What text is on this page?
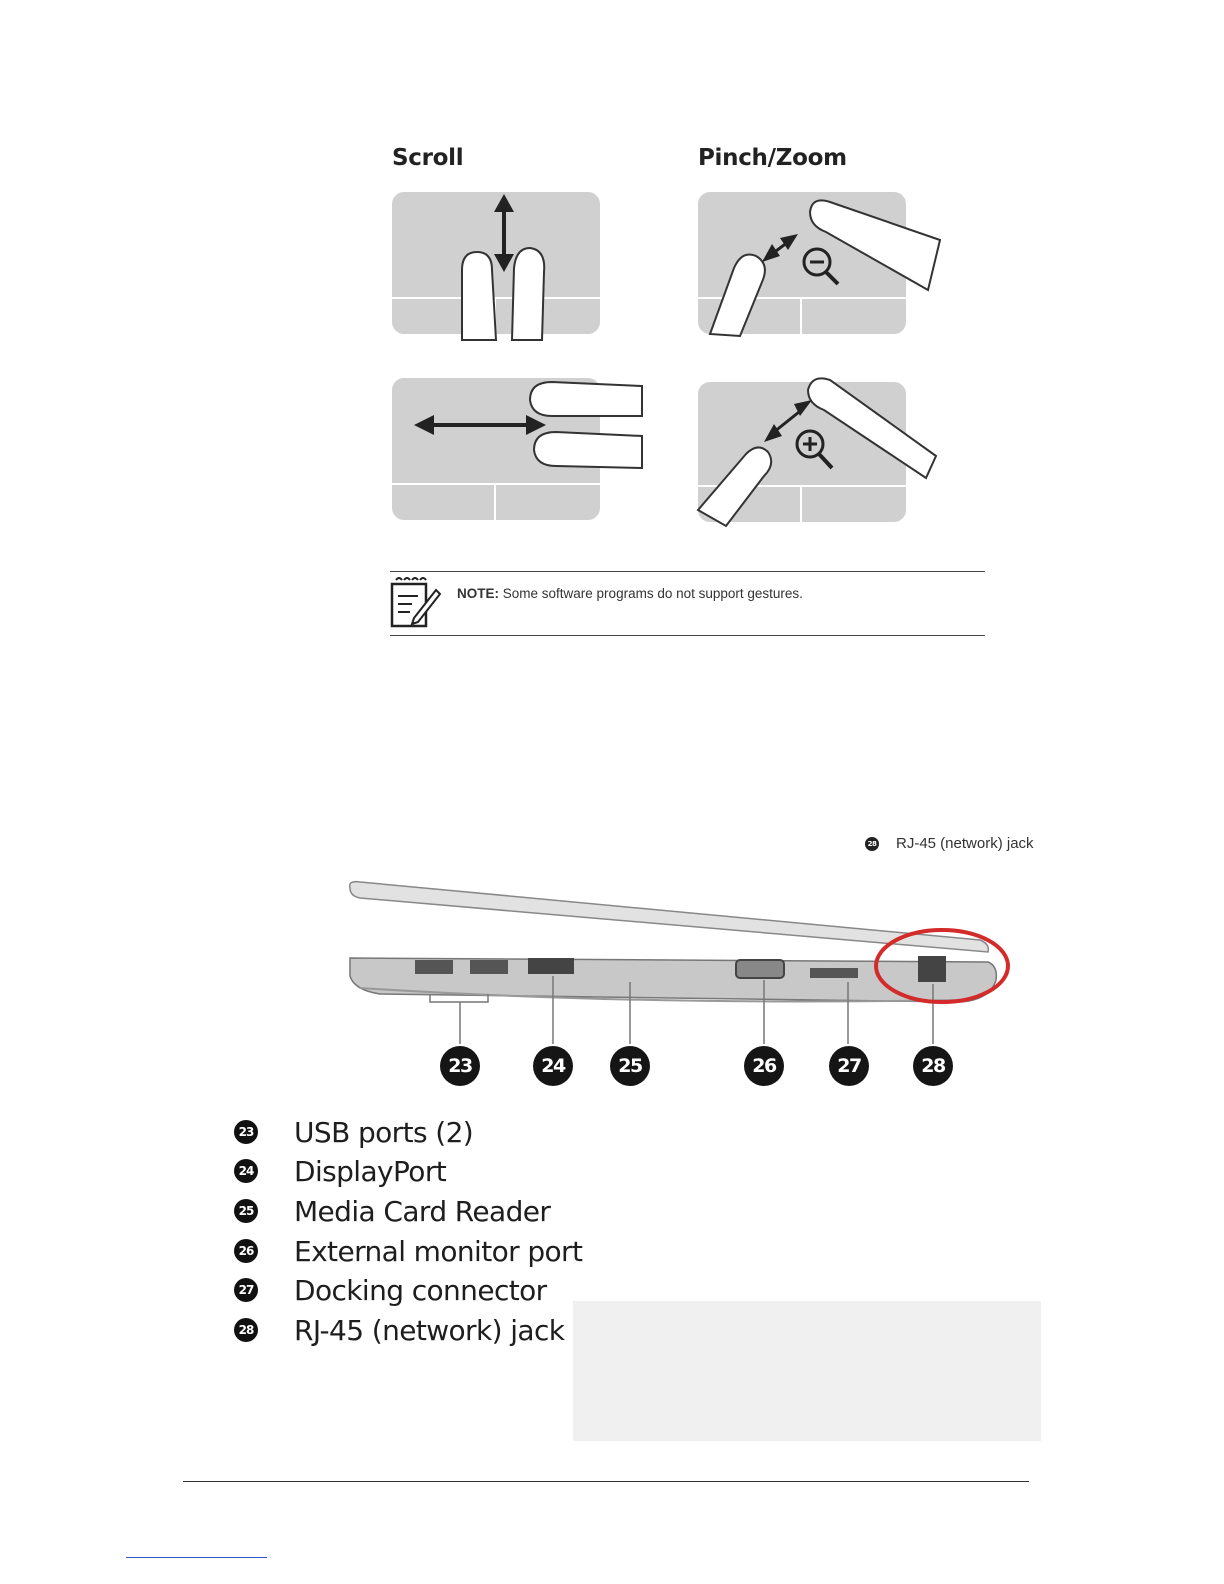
Scroll	Pinch/Zoom
NOTE: Some software programs do not support gestures.
28 RJ-45 (network) jack
23	24	25	26	27	28
23 USB ports (2)
24 DisplayPort
25 Media Card Reader
26 External monitor port
27 Docking connector
28 RJ-45 (network) jack
